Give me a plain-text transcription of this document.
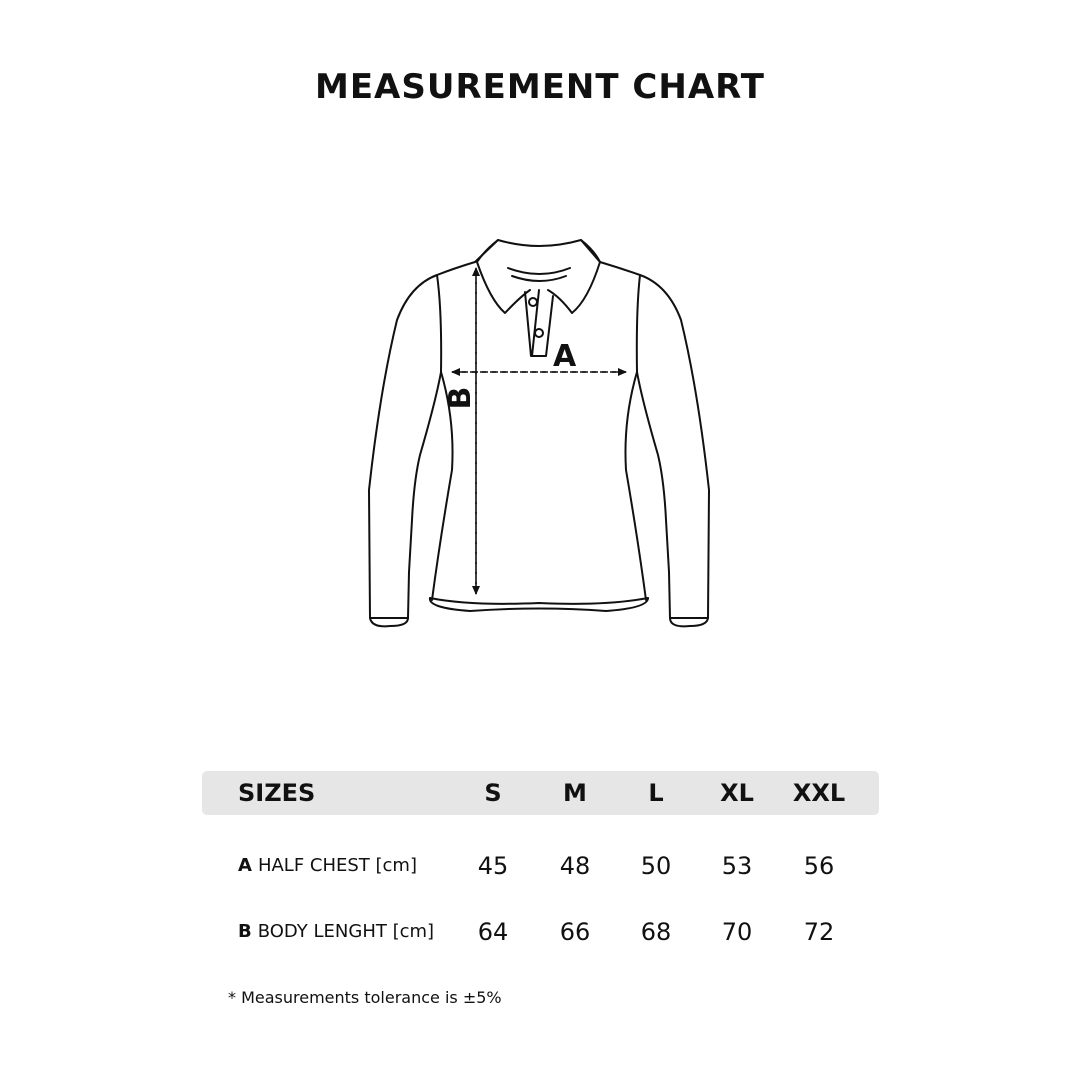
MEASUREMENT CHART
A
B
SIZES	S	M	L	XL	XXL
A HALF CHEST [cm]	45	48	50	53	56
B BODY LENGHT [cm]	64	66	68	70	72
* Measurements tolerance is ±5%
